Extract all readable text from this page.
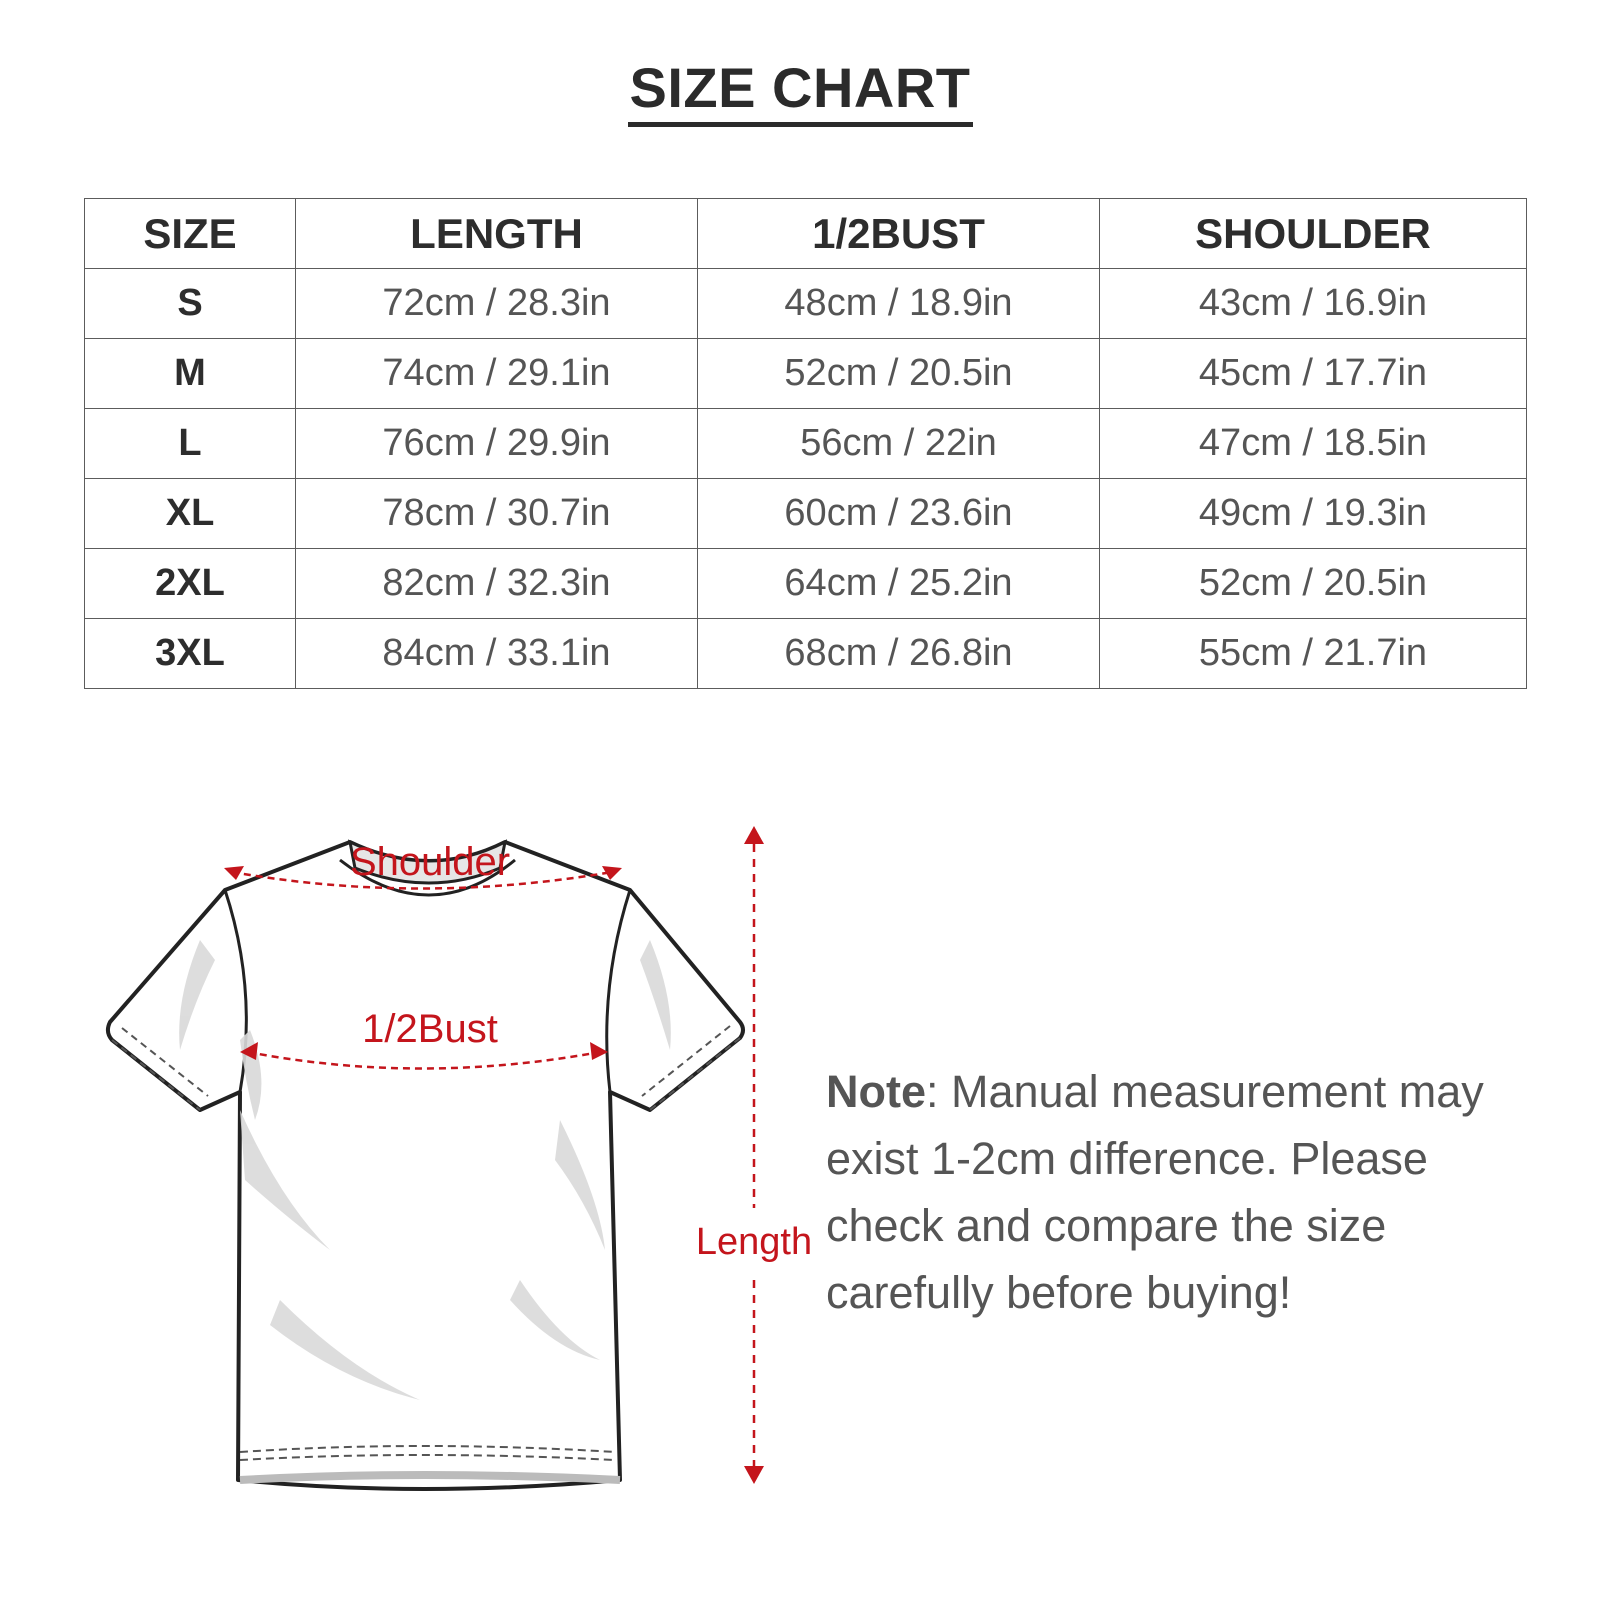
SIZE CHART
SIZE	LENGTH	1/2BUST	SHOULDER
S	72cm / 28.3in	48cm / 18.9in	43cm / 16.9in
M	74cm / 29.1in	52cm / 20.5in	45cm / 17.7in
L	76cm / 29.9in	56cm / 22in	47cm / 18.5in
XL	78cm / 30.7in	60cm / 23.6in	49cm / 19.3in
2XL	82cm / 32.3in	64cm / 25.2in	52cm / 20.5in
3XL	84cm / 33.1in	68cm / 26.8in	55cm / 21.7in
Shoulder
1/2Bust
Length
Note: Manual measurement may exist 1-2cm difference. Please check and compare the size carefully before buying!
